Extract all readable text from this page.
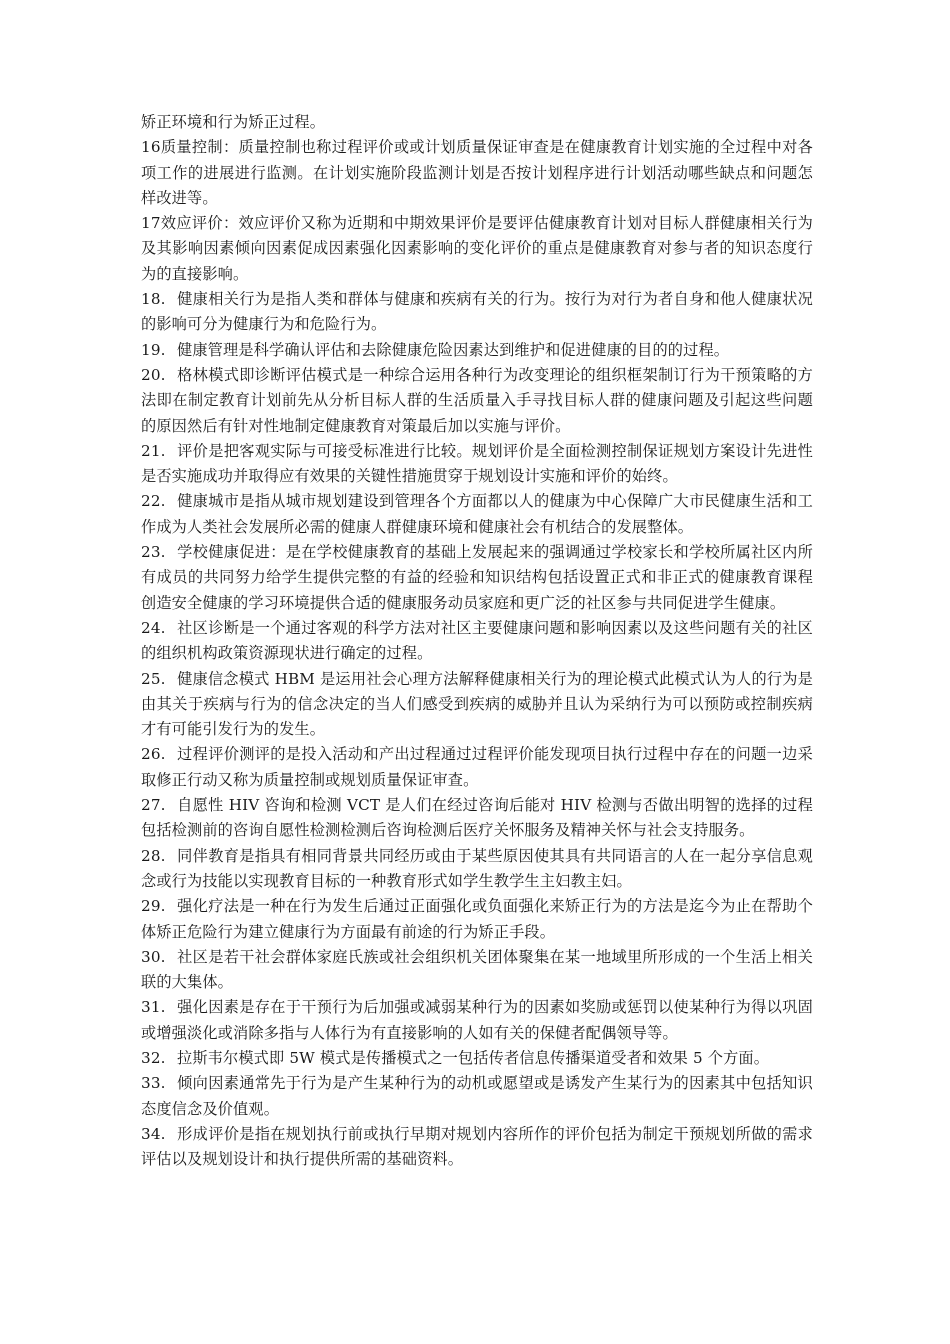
矫正环境和行为矫正过程。

16质量控制：质量控制也称过程评价或或计划质量保证审查是在健康教育计划实施的全过程中对各项工作的进展进行监测。在计划实施阶段监测计划是否按计划程序进行计划活动哪些缺点和问题怎样改进等。

17效应评价：效应评价又称为近期和中期效果评价是要评估健康教育计划对目标人群健康相关行为及其影响因素倾向因素促成因素强化因素影响的变化评价的重点是健康教育对参与者的知识态度行为的直接影响。

18. 健康相关行为是指人类和群体与健康和疾病有关的行为。按行为对行为者自身和他人健康状况的影响可分为健康行为和危险行为。

19. 健康管理是科学确认评估和去除健康危险因素达到维护和促进健康的目的的过程。

20. 格林模式即诊断评估模式是一种综合运用各种行为改变理论的组织框架制订行为干预策略的方法即在制定教育计划前先从分析目标人群的生活质量入手寻找目标人群的健康问题及引起这些问题的原因然后有针对性地制定健康教育对策最后加以实施与评价。

21. 评价是把客观实际与可接受标准进行比较。规划评价是全面检测控制保证规划方案设计先进性是否实施成功并取得应有效果的关键性措施贯穿于规划设计实施和评价的始终。

22. 健康城市是指从城市规划建设到管理各个方面都以人的健康为中心保障广大市民健康生活和工作成为人类社会发展所必需的健康人群健康环境和健康社会有机结合的发展整体。

23. 学校健康促进：是在学校健康教育的基础上发展起来的强调通过学校家长和学校所属社区内所有成员的共同努力给学生提供完整的有益的经验和知识结构包括设置正式和非正式的健康教育课程创造安全健康的学习环境提供合适的健康服务动员家庭和更广泛的社区参与共同促进学生健康。

24. 社区诊断是一个通过客观的科学方法对社区主要健康问题和影响因素以及这些问题有关的社区的组织机构政策资源现状进行确定的过程。

25. 健康信念模式 HBM 是运用社会心理方法解释健康相关行为的理论模式此模式认为人的行为是由其关于疾病与行为的信念决定的当人们感受到疾病的威胁并且认为采纳行为可以预防或控制疾病才有可能引发行为的发生。

26. 过程评价测评的是投入活动和产出过程通过过程评价能发现项目执行过程中存在的问题一边采取修正行动又称为质量控制或规划质量保证审查。

27. 自愿性 HIV 咨询和检测 VCT 是人们在经过咨询后能对 HIV 检测与否做出明智的选择的过程包括检测前的咨询自愿性检测检测后咨询检测后医疗关怀服务及精神关怀与社会支持服务。

28. 同伴教育是指具有相同背景共同经历或由于某些原因使其具有共同语言的人在一起分享信息观念或行为技能以实现教育目标的一种教育形式如学生教学生主妇教主妇。

29. 强化疗法是一种在行为发生后通过正面强化或负面强化来矫正行为的方法是迄今为止在帮助个体矫正危险行为建立健康行为方面最有前途的行为矫正手段。

30. 社区是若干社会群体家庭氏族或社会组织机关团体聚集在某一地域里所形成的一个生活上相关联的大集体。

31. 强化因素是存在于干预行为后加强或减弱某种行为的因素如奖励或惩罚以使某种行为得以巩固或增强淡化或消除多指与人体行为有直接影响的人如有关的保健者配偶领导等。

32. 拉斯韦尔模式即 5W 模式是传播模式之一包括传者信息传播渠道受者和效果 5 个方面。

33. 倾向因素通常先于行为是产生某种行为的动机或愿望或是诱发产生某行为的因素其中包括知识态度信念及价值观。

34. 形成评价是指在规划执行前或执行早期对规划内容所作的评价包括为制定干预规划所做的需求评估以及规划设计和执行提供所需的基础资料。
